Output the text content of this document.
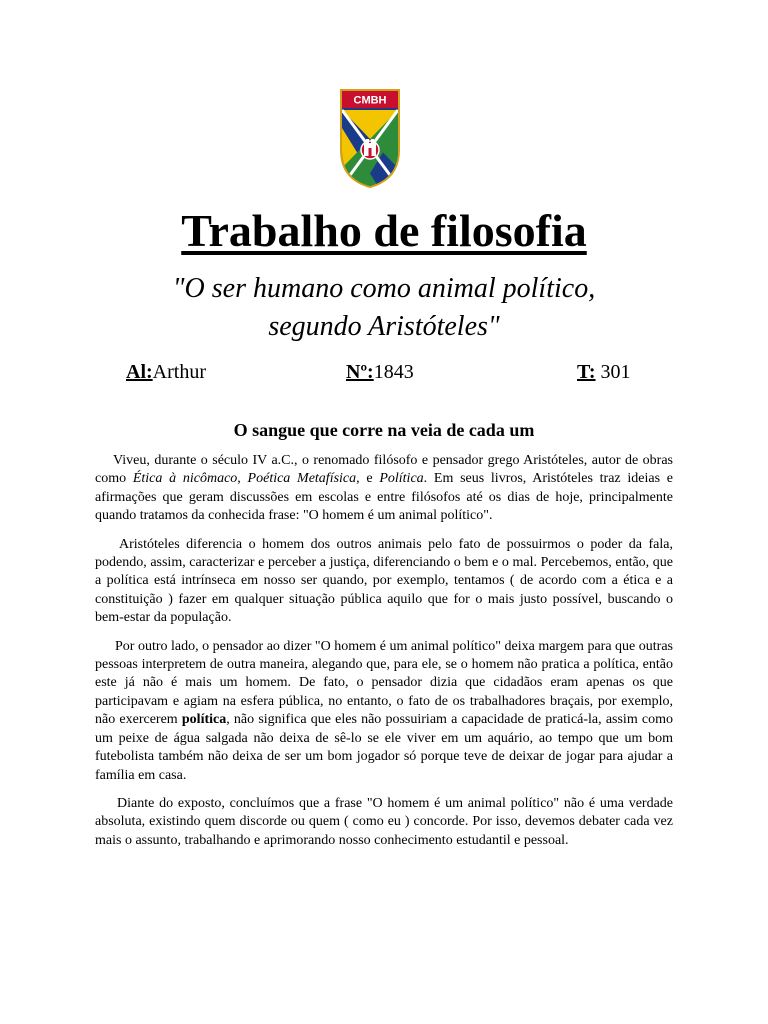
CMBH
Trabalho de filosofia
"O ser humano como animal político,
segundo Aristóteles"
Al:Arthur	Nº:1843	T: 301
O sangue que corre na veia de cada um

Viveu, durante o século IV a.C., o renomado filósofo e pensador grego Aristóteles, autor de obras como Ética à nicômaco, Poética Metafísica, e Política. Em seus livros, Aristóteles traz ideias e afirmações que geram discussões em escolas e entre filósofos até os dias de hoje, principalmente quando tratamos da conhecida frase: "O homem é um animal político".

Aristóteles diferencia o homem dos outros animais pelo fato de possuirmos o poder da fala, podendo, assim, caracterizar e perceber a justiça, diferenciando o bem e o mal. Percebemos, então, que a política está intrínseca em nosso ser quando, por exemplo, tentamos ( de acordo com a ética e a constituição ) fazer em qualquer situação pública aquilo que for o mais justo possível, buscando o bem-estar da população.

Por outro lado, o pensador ao dizer "O homem é um animal político" deixa margem para que outras pessoas interpretem de outra maneira, alegando que, para ele, se o homem não pratica a política, então este já não é mais um homem. De fato, o pensador dizia que cidadãos eram apenas os que participavam e agiam na esfera pública, no entanto, o fato de os trabalhadores braçais, por exemplo, não exercerem política, não significa que eles não possuiriam a capacidade de praticá-la, assim como um peixe de água salgada não deixa de sê-lo se ele viver em um aquário, ao tempo que um bom futebolista também não deixa de ser um bom jogador só porque teve de deixar de jogar para ajudar a família em casa.

Diante do exposto, concluímos que a frase "O homem é um animal político" não é uma verdade absoluta, existindo quem discorde ou quem ( como eu ) concorde. Por isso, devemos debater cada vez mais o assunto, trabalhando e aprimorando nosso conhecimento estudantil e pessoal.
